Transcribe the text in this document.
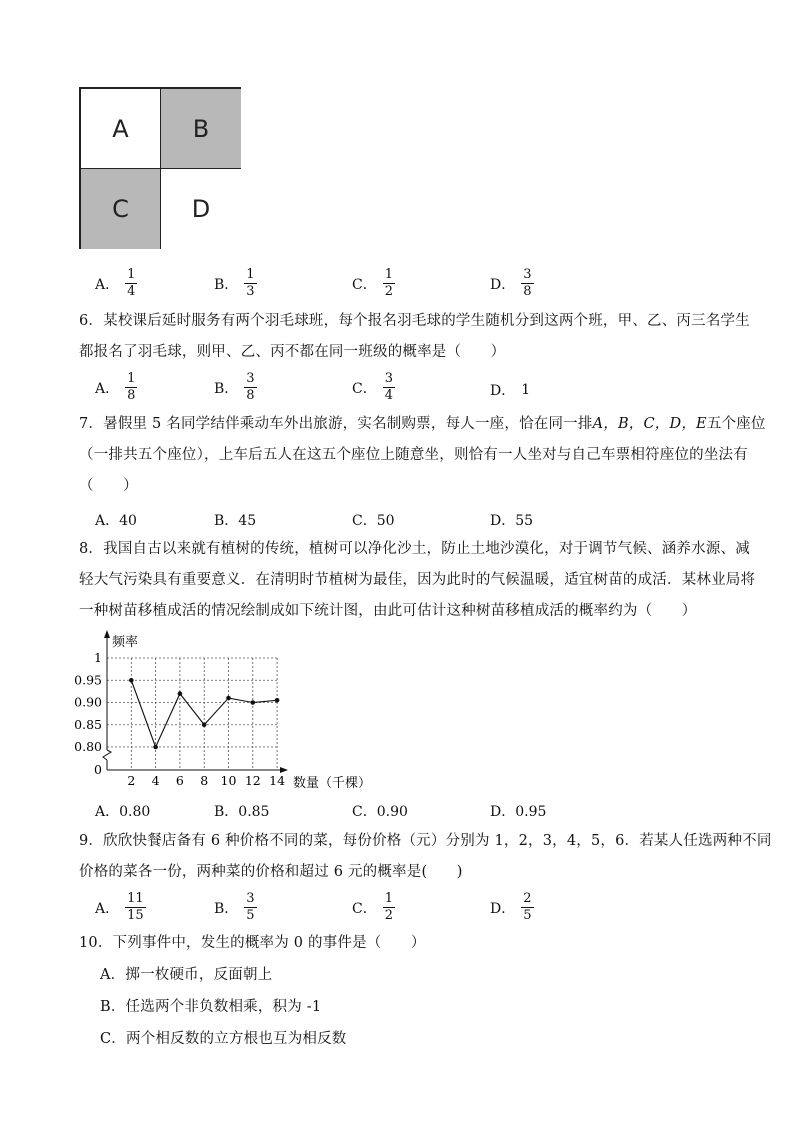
A	B
C	D
A． $\frac{1}{4}$	B． $\frac{1}{3}$	C． $\frac{1}{2}$	D． $\frac{3}{8}$
6．某校课后延时服务有两个羽毛球班，每个报名羽毛球的学生随机分到这两个班，甲、乙、丙三名学生
都报名了羽毛球，则甲、乙、丙不都在同一班级的概率是（　　）
A． $\frac{1}{8}$	B． $\frac{3}{8}$	C． $\frac{3}{4}$	D． 1
7．暑假里 5 名同学结伴乘动车外出旅游，实名制购票，每人一座，恰在同一排A，B，C，D，E五个座位
（一排共五个座位），上车后五人在这五个座位上随意坐，则恰有一人坐对与自己车票相符座位的坐法有
（　　）
A．40	B．45	C．50	D．55
8．我国自古以来就有植树的传统，植树可以净化沙土，防止土地沙漠化，对于调节气候、涵养水源、减
轻大气污染具有重要意义．在清明时节植树为最佳，因为此时的气候温暖，适宜树苗的成活．某林业局将
一种树苗移植成活的情况绘制成如下统计图，由此可估计这种树苗移植成活的概率约为（　　）
0
0.80
0.85
0.90
0.95
1
2 4 6 8 10 12 14
频率
数量（千棵）
A．0.80	B．0.85	C．0.90	D．0.95
9．欣欣快餐店备有 6 种价格不同的菜，每份价格（元）分别为 1，2，3，4，5，6．若某人任选两种不同
价格的菜各一份，两种菜的价格和超过 6 元的概率是(　　)
A． $\frac{11}{15}$	B． $\frac{3}{5}$	C． $\frac{1}{2}$	D． $\frac{2}{5}$
10．下列事件中，发生的概率为 0 的事件是（　　）
A．掷一枚硬币，反面朝上
B．任选两个非负数相乘，积为 -1
C．两个相反数的立方根也互为相反数
